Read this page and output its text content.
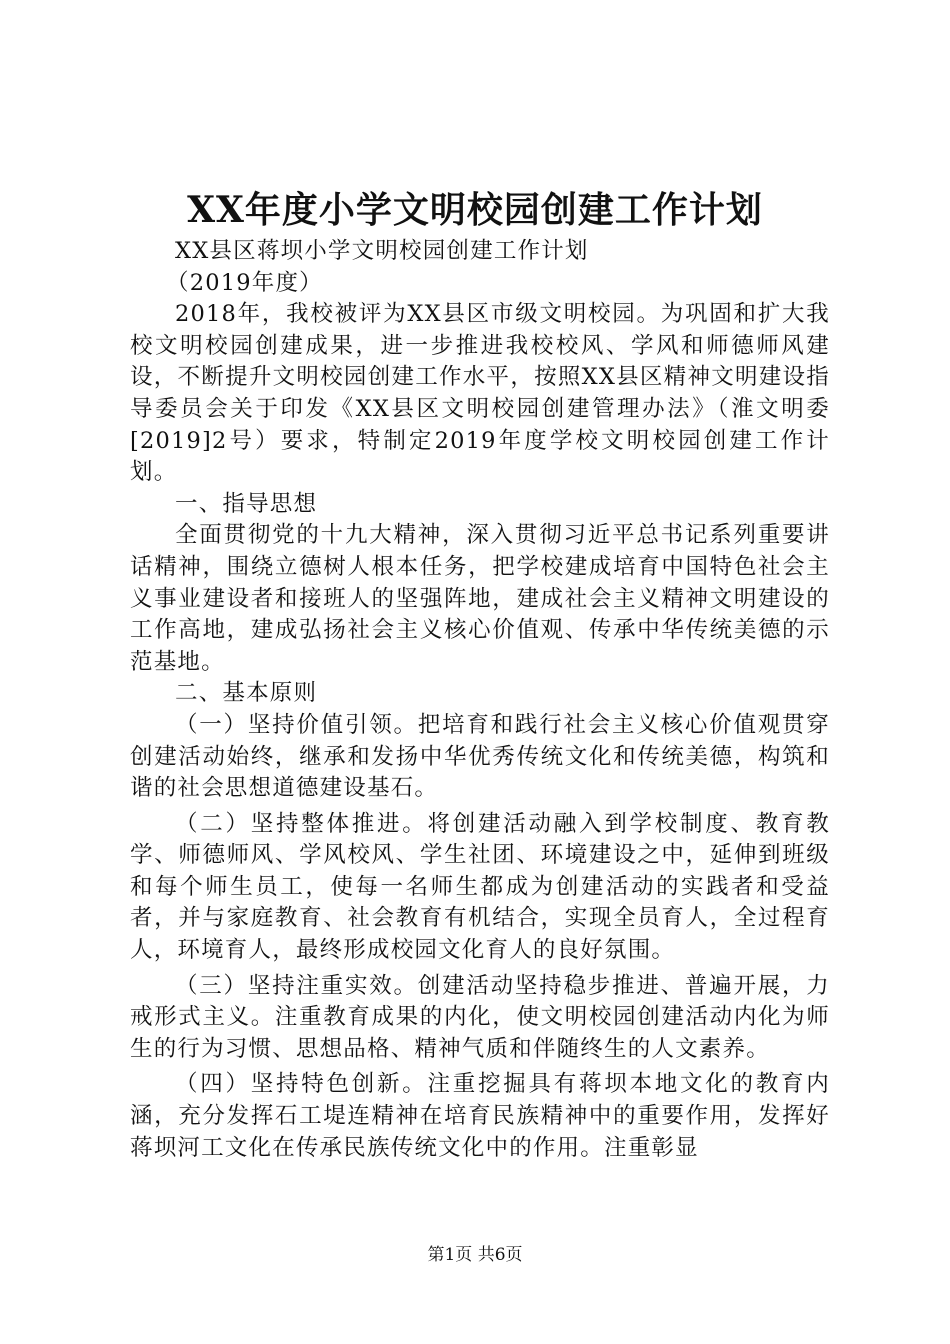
XX年度小学文明校园创建工作计划

XX县区蒋坝小学文明校园创建工作计划

（2019年度）

2018年，我校被评为XX县区市级文明校园。为巩固和扩大我校文明校园创建成果，进一步推进我校校风、学风和师德师风建设，不断提升文明校园创建工作水平，按照XX县区精神文明建设指导委员会关于印发《XX县区文明校园创建管理办法》（淮文明委[2019]2号）要求，特制定2019年度学校文明校园创建工作计划。

一、指导思想

全面贯彻党的十九大精神，深入贯彻习近平总书记系列重要讲话精神，围绕立德树人根本任务，把学校建成培育中国特色社会主义事业建设者和接班人的坚强阵地，建成社会主义精神文明建设的工作高地，建成弘扬社会主义核心价值观、传承中华传统美德的示范基地。

二、基本原则

（一）坚持价值引领。把培育和践行社会主义核心价值观贯穿创建活动始终，继承和发扬中华优秀传统文化和传统美德，构筑和谐的社会思想道德建设基石。

（二）坚持整体推进。将创建活动融入到学校制度、教育教学、师德师风、学风校风、学生社团、环境建设之中，延伸到班级和每个师生员工，使每一名师生都成为创建活动的实践者和受益者，并与家庭教育、社会教育有机结合，实现全员育人，全过程育人，环境育人，最终形成校园文化育人的良好氛围。

（三）坚持注重实效。创建活动坚持稳步推进、普遍开展，力戒形式主义。注重教育成果的内化，使文明校园创建活动内化为师生的行为习惯、思想品格、精神气质和伴随终生的人文素养。

（四）坚持特色创新。注重挖掘具有蒋坝本地文化的教育内涵，充分发挥石工堤连精神在培育民族精神中的重要作用，发挥好蒋坝河工文化在传承民族传统文化中的作用。注重彰显

第1页 共6页
